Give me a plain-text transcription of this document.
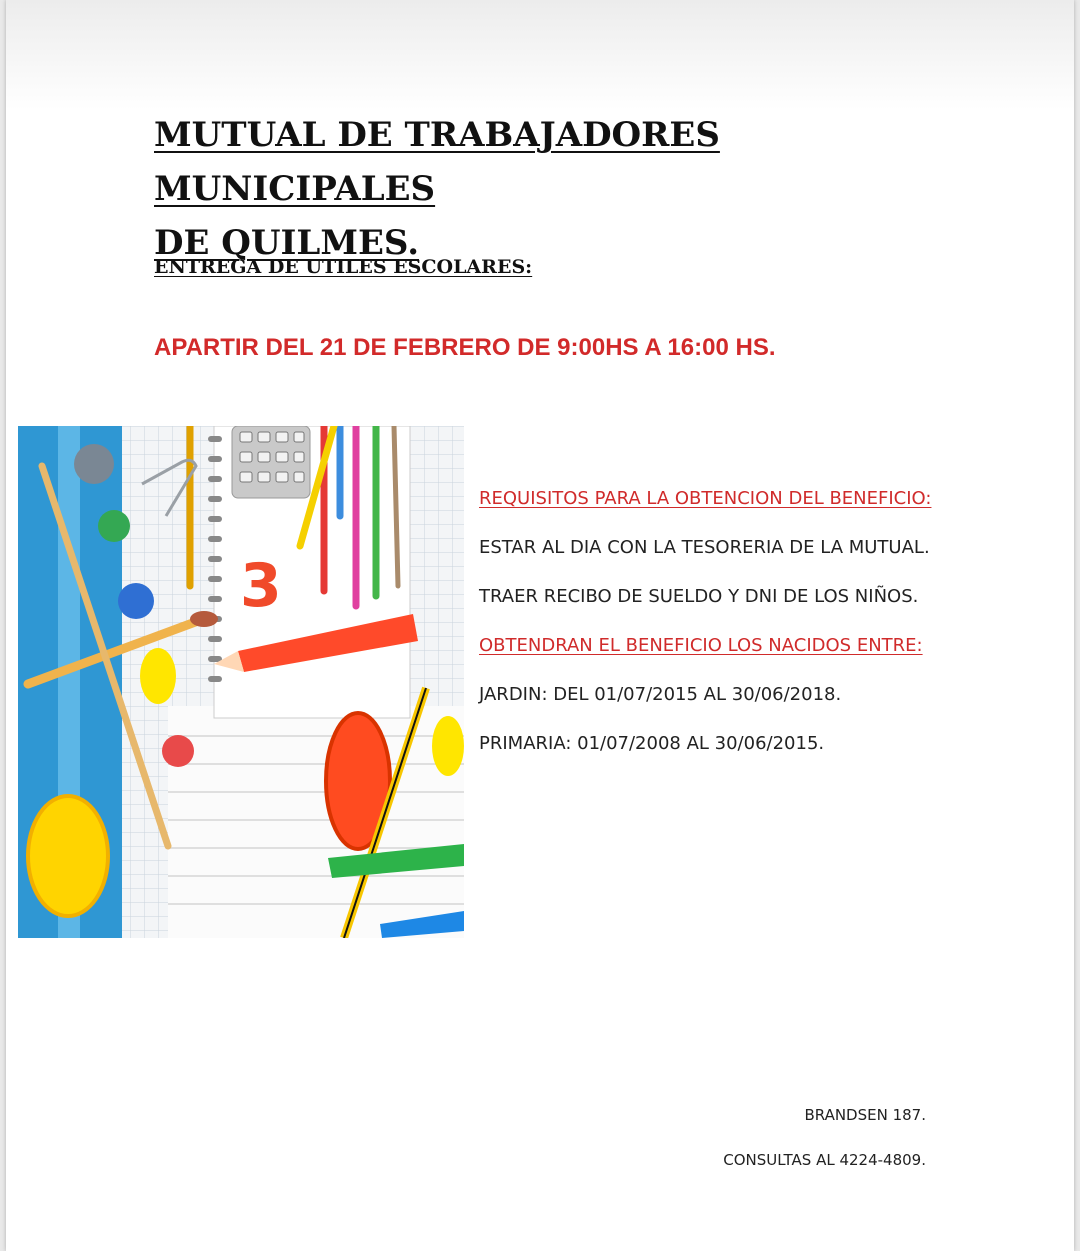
MUTUAL DE TRABAJADORES MUNICIPALES
DE QUILMES.

ENTREGA DE UTILES ESCOLARES:

APARTIR DEL 21 DE FEBRERO DE 9:00HS A 16:00 HS.

3

REQUISITOS PARA LA OBTENCION DEL BENEFICIO:

ESTAR AL DIA CON LA TESORERIA DE LA MUTUAL.

TRAER RECIBO DE SUELDO Y DNI DE LOS NIÑOS.

OBTENDRAN EL BENEFICIO LOS NACIDOS ENTRE:

JARDIN: DEL 01/07/2015 AL 30/06/2018.

PRIMARIA: 01/07/2008 AL 30/06/2015.

BRANDSEN 187.

CONSULTAS AL 4224-4809.
